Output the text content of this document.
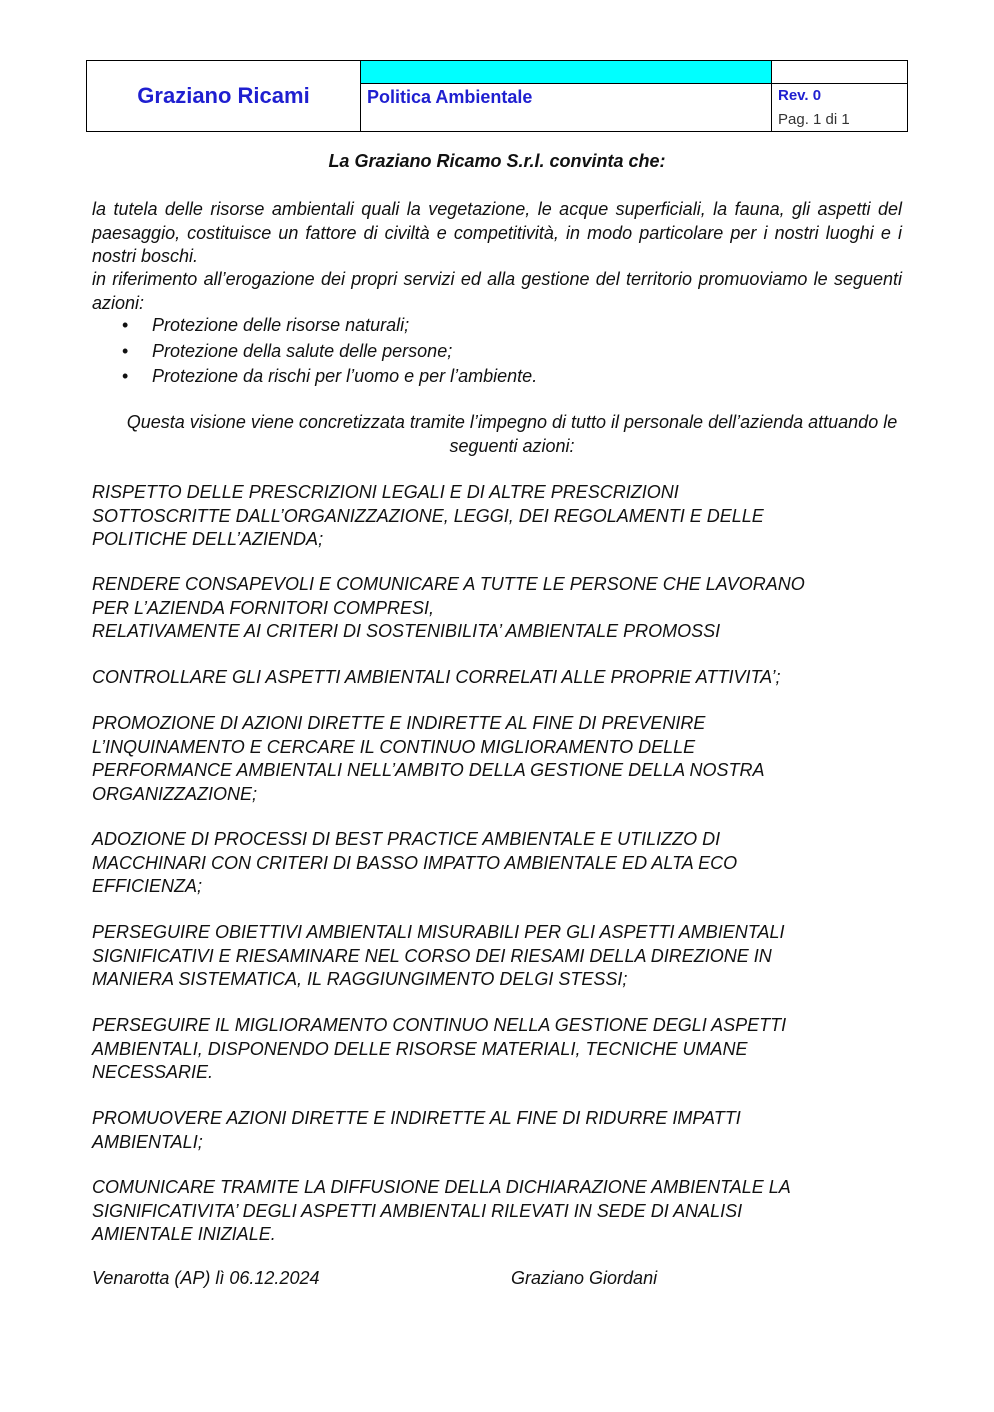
Graziano Ricami	Politica Ambientale	Rev. 0
Pag. 1 di 1
La Graziano Ricamo S.r.l. convinta che:
la tutela delle risorse ambientali quali la vegetazione, le acque superficiali, la fauna, gli aspetti del paesaggio, costituisce un fattore di civiltà e competitività, in modo particolare per i nostri luoghi e i nostri boschi.
in riferimento all’erogazione dei propri servizi ed alla gestione del territorio promuoviamo le seguenti azioni:
• Protezione delle risorse naturali;
• Protezione della salute delle persone;
• Protezione da rischi per l’uomo e per l’ambiente.
Questa visione viene concretizzata tramite l’impegno di tutto il personale dell’azienda attuando le seguenti azioni:
RISPETTO DELLE PRESCRIZIONI LEGALI E DI ALTRE PRESCRIZIONI
SOTTOSCRITTE DALL’ORGANIZZAZIONE, LEGGI, DEI REGOLAMENTI E DELLE
POLITICHE DELL’AZIENDA;
RENDERE CONSAPEVOLI E COMUNICARE A TUTTE LE PERSONE CHE LAVORANO
PER L’AZIENDA FORNITORI COMPRESI,
RELATIVAMENTE AI CRITERI DI SOSTENIBILITA’ AMBIENTALE PROMOSSI
CONTROLLARE GLI ASPETTI AMBIENTALI CORRELATI ALLE PROPRIE ATTIVITA’;
PROMOZIONE DI AZIONI DIRETTE E INDIRETTE AL FINE DI PREVENIRE
L’INQUINAMENTO E CERCARE IL CONTINUO MIGLIORAMENTO DELLE
PERFORMANCE AMBIENTALI NELL’AMBITO DELLA GESTIONE DELLA NOSTRA
ORGANIZZAZIONE;
ADOZIONE DI PROCESSI DI BEST PRACTICE AMBIENTALE E UTILIZZO DI
MACCHINARI CON CRITERI DI BASSO IMPATTO AMBIENTALE ED ALTA ECO
EFFICIENZA;
PERSEGUIRE OBIETTIVI AMBIENTALI MISURABILI PER GLI ASPETTI AMBIENTALI
SIGNIFICATIVI E RIESAMINARE NEL CORSO DEI RIESAMI DELLA DIREZIONE IN
MANIERA SISTEMATICA, IL RAGGIUNGIMENTO DELGI STESSI;
PERSEGUIRE IL MIGLIORAMENTO CONTINUO NELLA GESTIONE DEGLI ASPETTI
AMBIENTALI, DISPONENDO DELLE RISORSE MATERIALI, TECNICHE UMANE
NECESSARIE.
PROMUOVERE AZIONI DIRETTE E INDIRETTE AL FINE DI RIDURRE IMPATTI
AMBIENTALI;
COMUNICARE TRAMITE LA DIFFUSIONE DELLA DICHIARAZIONE AMBIENTALE LA
SIGNIFICATIVITA’ DEGLI ASPETTI AMBIENTALI RILEVATI IN SEDE DI ANALISI
AMIENTALE INIZIALE.
Venarotta (AP) lì 06.12.2024	Graziano Giordani
